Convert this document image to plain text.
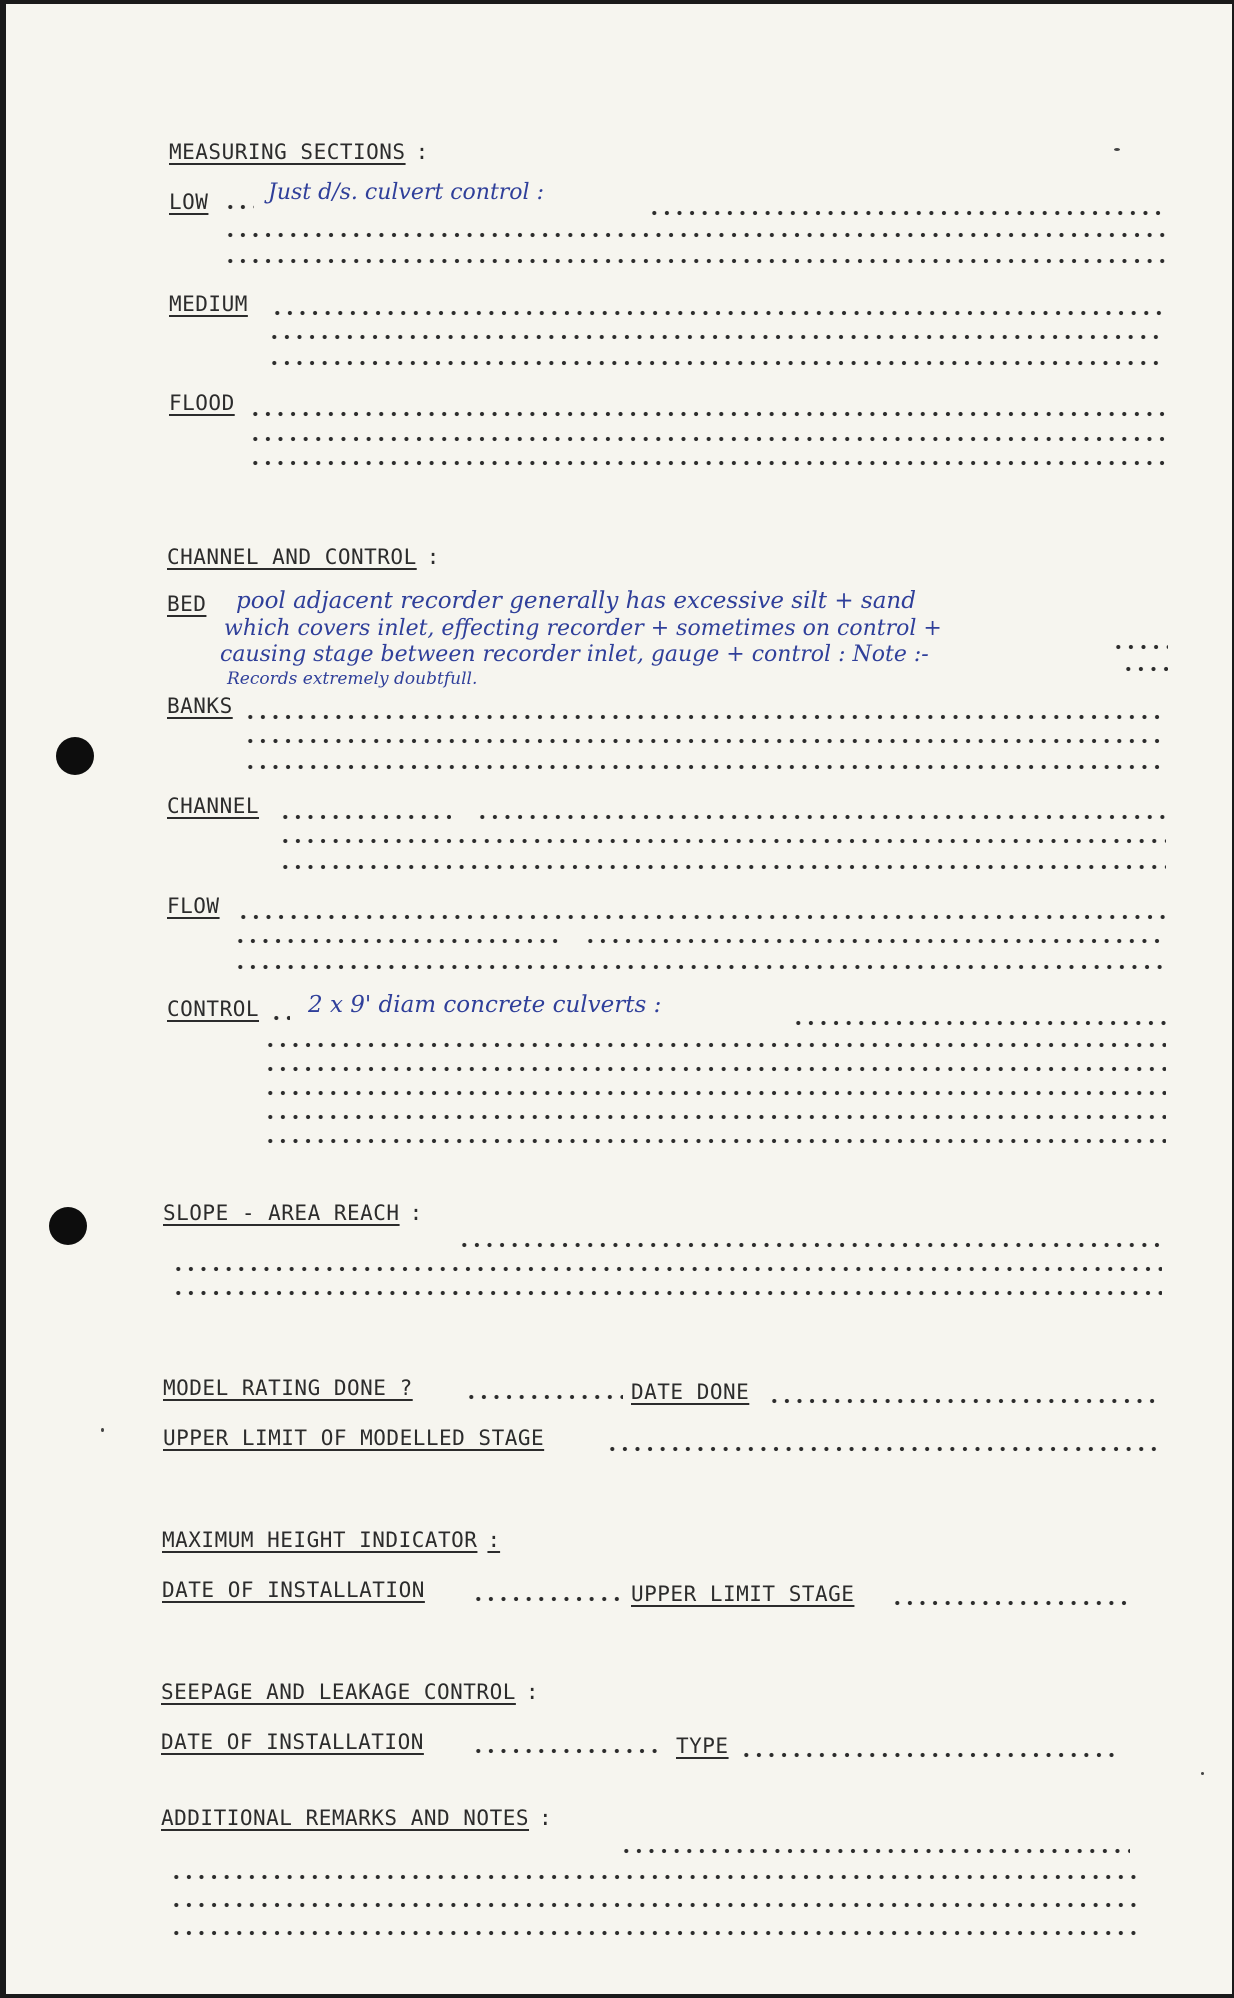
MEASURING SECTIONS :
LOW	Just d/s. culvert control :
MEDIUM
FLOOD
CHANNEL AND CONTROL :
BED pool adjacent recorder generally has excessive silt + sand
which covers inlet, effecting recorder + sometimes on control +
causing stage between recorder inlet, gauge + control : Note :-
Records extremely doubtfull.
BANKS
CHANNEL
FLOW
CONTROL 2 x 9' diam concrete culverts :
SLOPE - AREA REACH :
MODEL RATING DONE ?	DATE DONE
UPPER LIMIT OF MODELLED STAGE
MAXIMUM HEIGHT INDICATOR :
DATE OF INSTALLATION	UPPER LIMIT STAGE
SEEPAGE AND LEAKAGE CONTROL :
DATE OF INSTALLATION	TYPE
ADDITIONAL REMARKS AND NOTES :
